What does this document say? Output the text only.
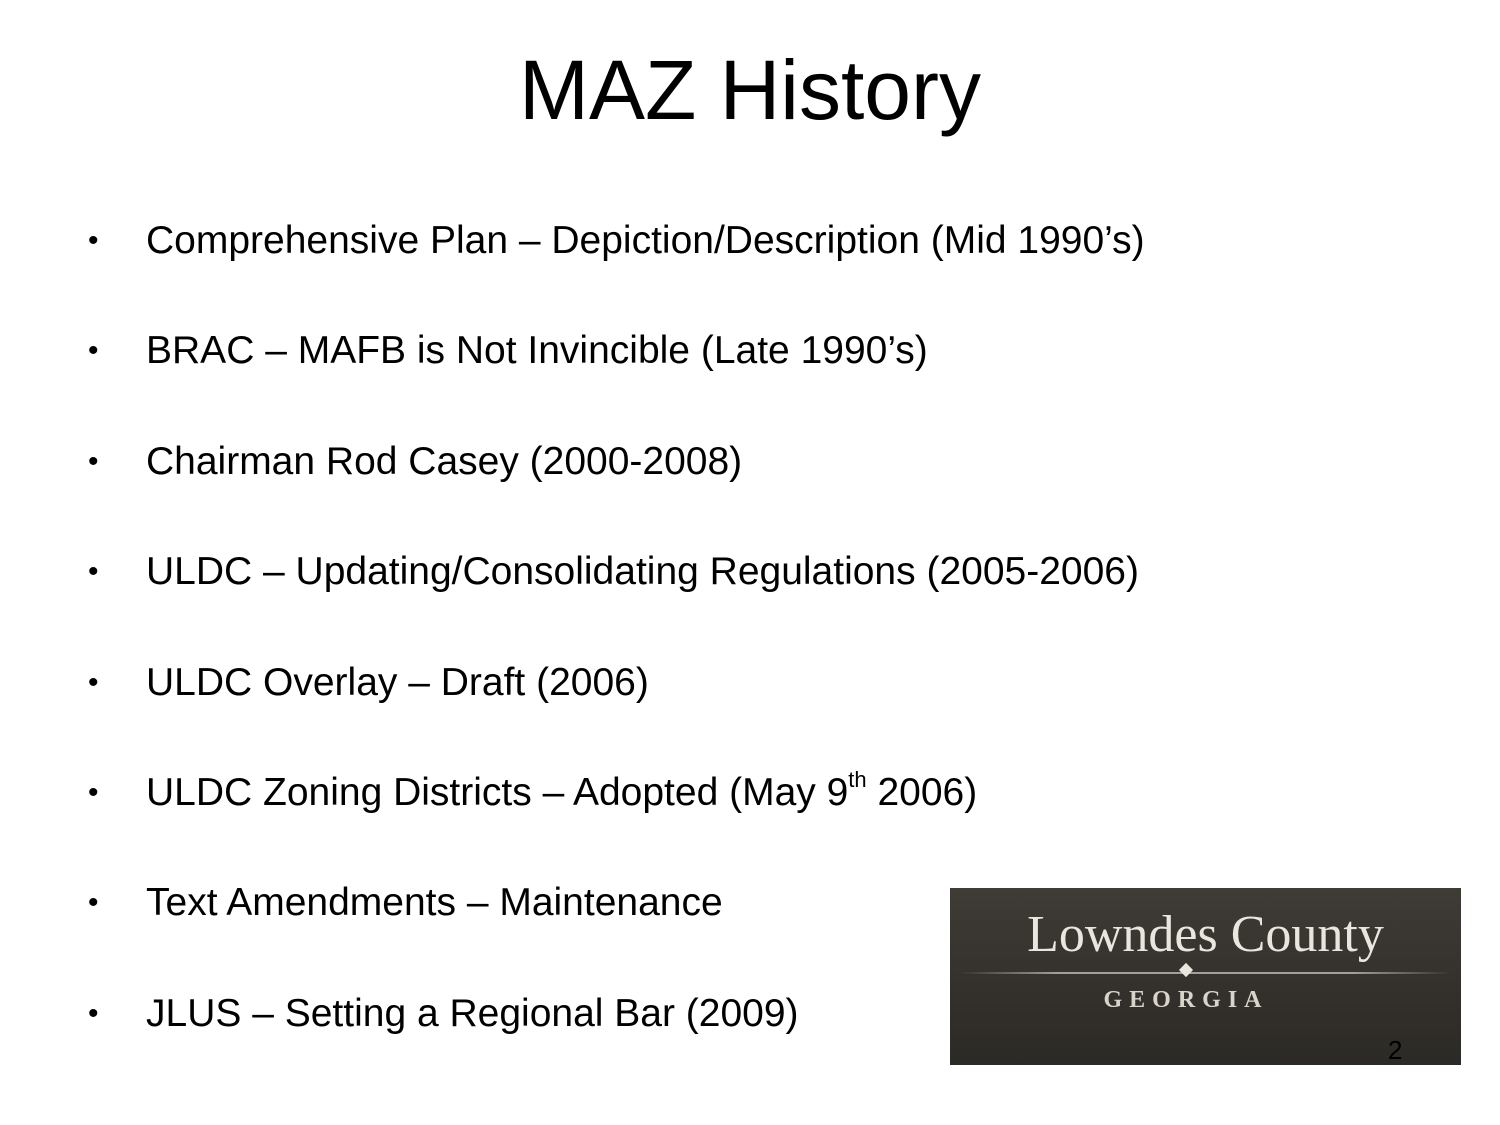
MAZ History
• Comprehensive Plan – Depiction/Description (Mid 1990’s)
• BRAC – MAFB is Not Invincible (Late 1990’s)
• Chairman Rod Casey (2000-2008)
• ULDC – Updating/Consolidating Regulations (2005-2006)
• ULDC Overlay – Draft (2006)
• ULDC Zoning Districts – Adopted (May 9th 2006)
• Text Amendments – Maintenance
• JLUS – Setting a Regional Bar (2009)
Lowndes County
GEORGIA
2
